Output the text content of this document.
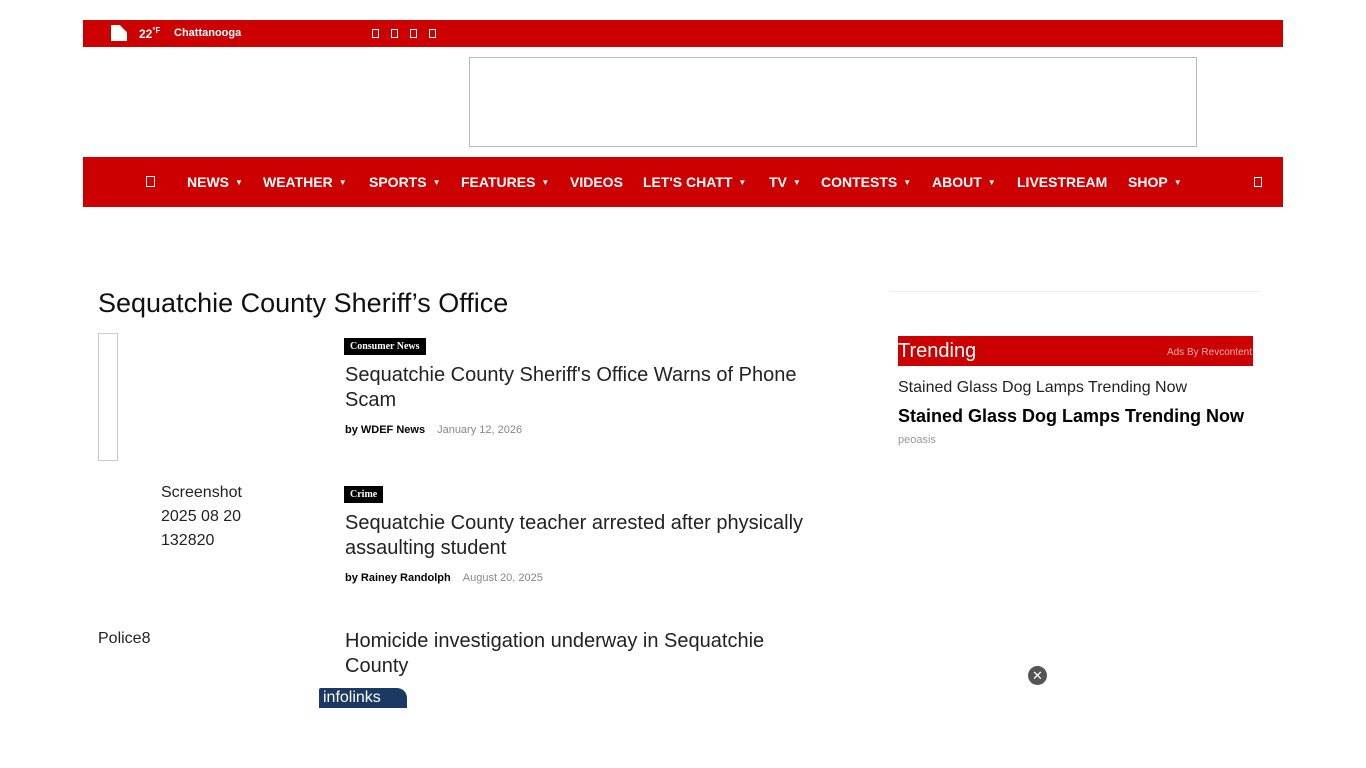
$22^{^\circ F}$ Chattanooga
NEWS ▼ WEATHER ▼ SPORTS ▼ FEATURES ▼ VIDEOS LET'S CHATT ▼ TV ▼ CONTESTS ▼ ABOUT ▼ LIVESTREAM SHOP ▼
Sequatchie County Sheriff’s Office
Consumer News
Sequatchie County Sheriff's Office Warns of Phone Scam
by WDEF News January 12, 2026
Screenshot 2025 08 20 132820
Crime
Sequatchie County teacher arrested after physically assaulting student
by Rainey Randolph August 20, 2025
Police8	Homicide investigation underway in Sequatchie County
infolinks
Trending	Ads By Revcontent
Stained Glass Dog Lamps Trending Now
Stained Glass Dog Lamps Trending Now
peoasis
✕
